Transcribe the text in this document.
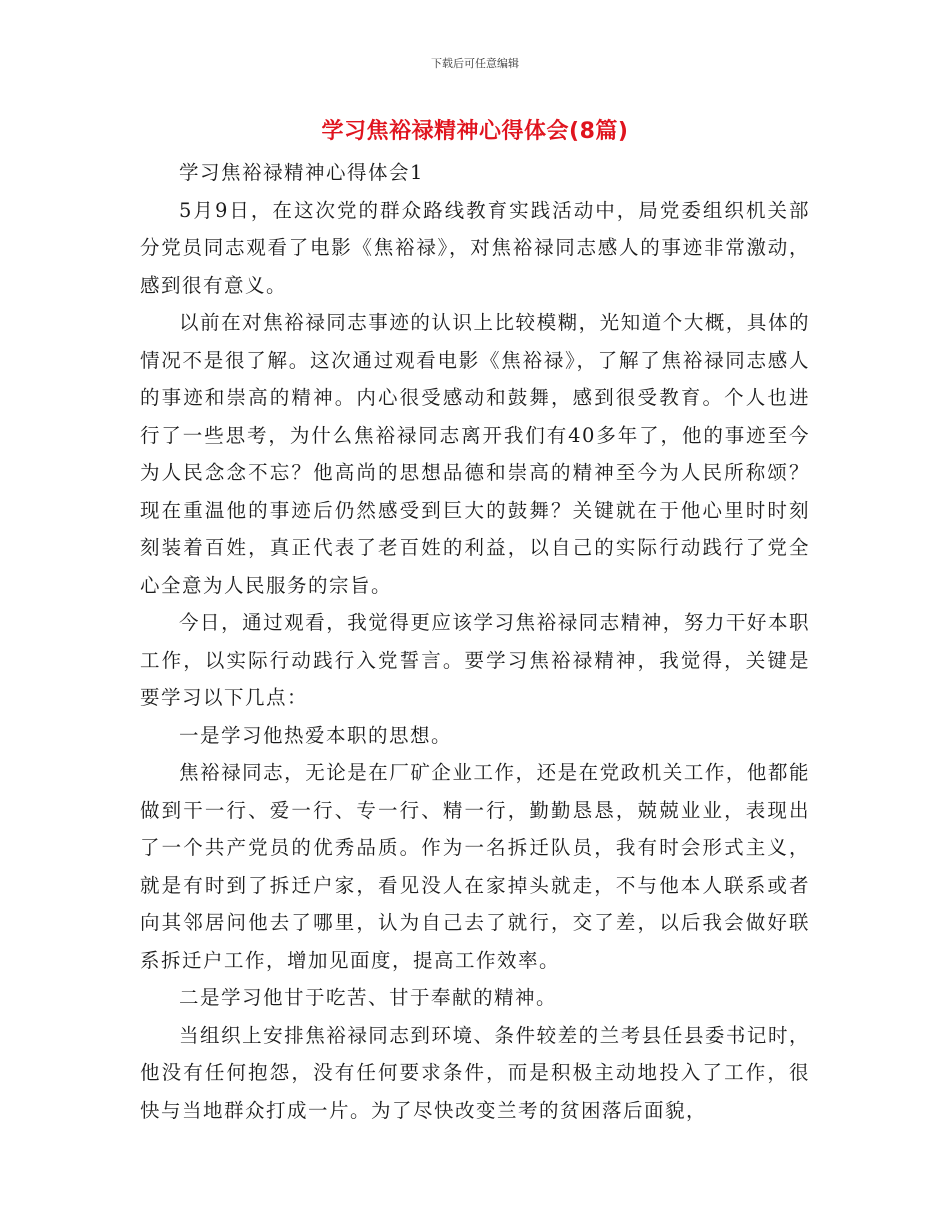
下载后可任意编辑
学习焦裕禄精神心得体会(8篇)

学习焦裕禄精神心得体会1

5月9日，在这次党的群众路线教育实践活动中，局党委组织机关部分党员同志观看了电影《焦裕禄》，对焦裕禄同志感人的事迹非常激动，感到很有意义。

以前在对焦裕禄同志事迹的认识上比较模糊，光知道个大概，具体的情况不是很了解。这次通过观看电影《焦裕禄》，了解了焦裕禄同志感人的事迹和崇高的精神。内心很受感动和鼓舞，感到很受教育。个人也进行了一些思考，为什么焦裕禄同志离开我们有40多年了，他的事迹至今为人民念念不忘？他高尚的思想品德和崇高的精神至今为人民所称颂？现在重温他的事迹后仍然感受到巨大的鼓舞？关键就在于他心里时时刻刻装着百姓，真正代表了老百姓的利益，以自己的实际行动践行了党全心全意为人民服务的宗旨。

今日，通过观看，我觉得更应该学习焦裕禄同志精神，努力干好本职工作，以实际行动践行入党誓言。要学习焦裕禄精神，我觉得，关键是要学习以下几点：

一是学习他热爱本职的思想。

焦裕禄同志，无论是在厂矿企业工作，还是在党政机关工作，他都能做到干一行、爱一行、专一行、精一行，勤勤恳恳，兢兢业业，表现出了一个共产党员的优秀品质。作为一名拆迁队员，我有时会形式主义，就是有时到了拆迁户家，看见没人在家掉头就走，不与他本人联系或者向其邻居问他去了哪里，认为自己去了就行，交了差，以后我会做好联系拆迁户工作，增加见面度，提高工作效率。

二是学习他甘于吃苦、甘于奉献的精神。

当组织上安排焦裕禄同志到环境、条件较差的兰考县任县委书记时，他没有任何抱怨，没有任何要求条件，而是积极主动地投入了工作，很快与当地群众打成一片。为了尽快改变兰考的贫困落后面貌，
